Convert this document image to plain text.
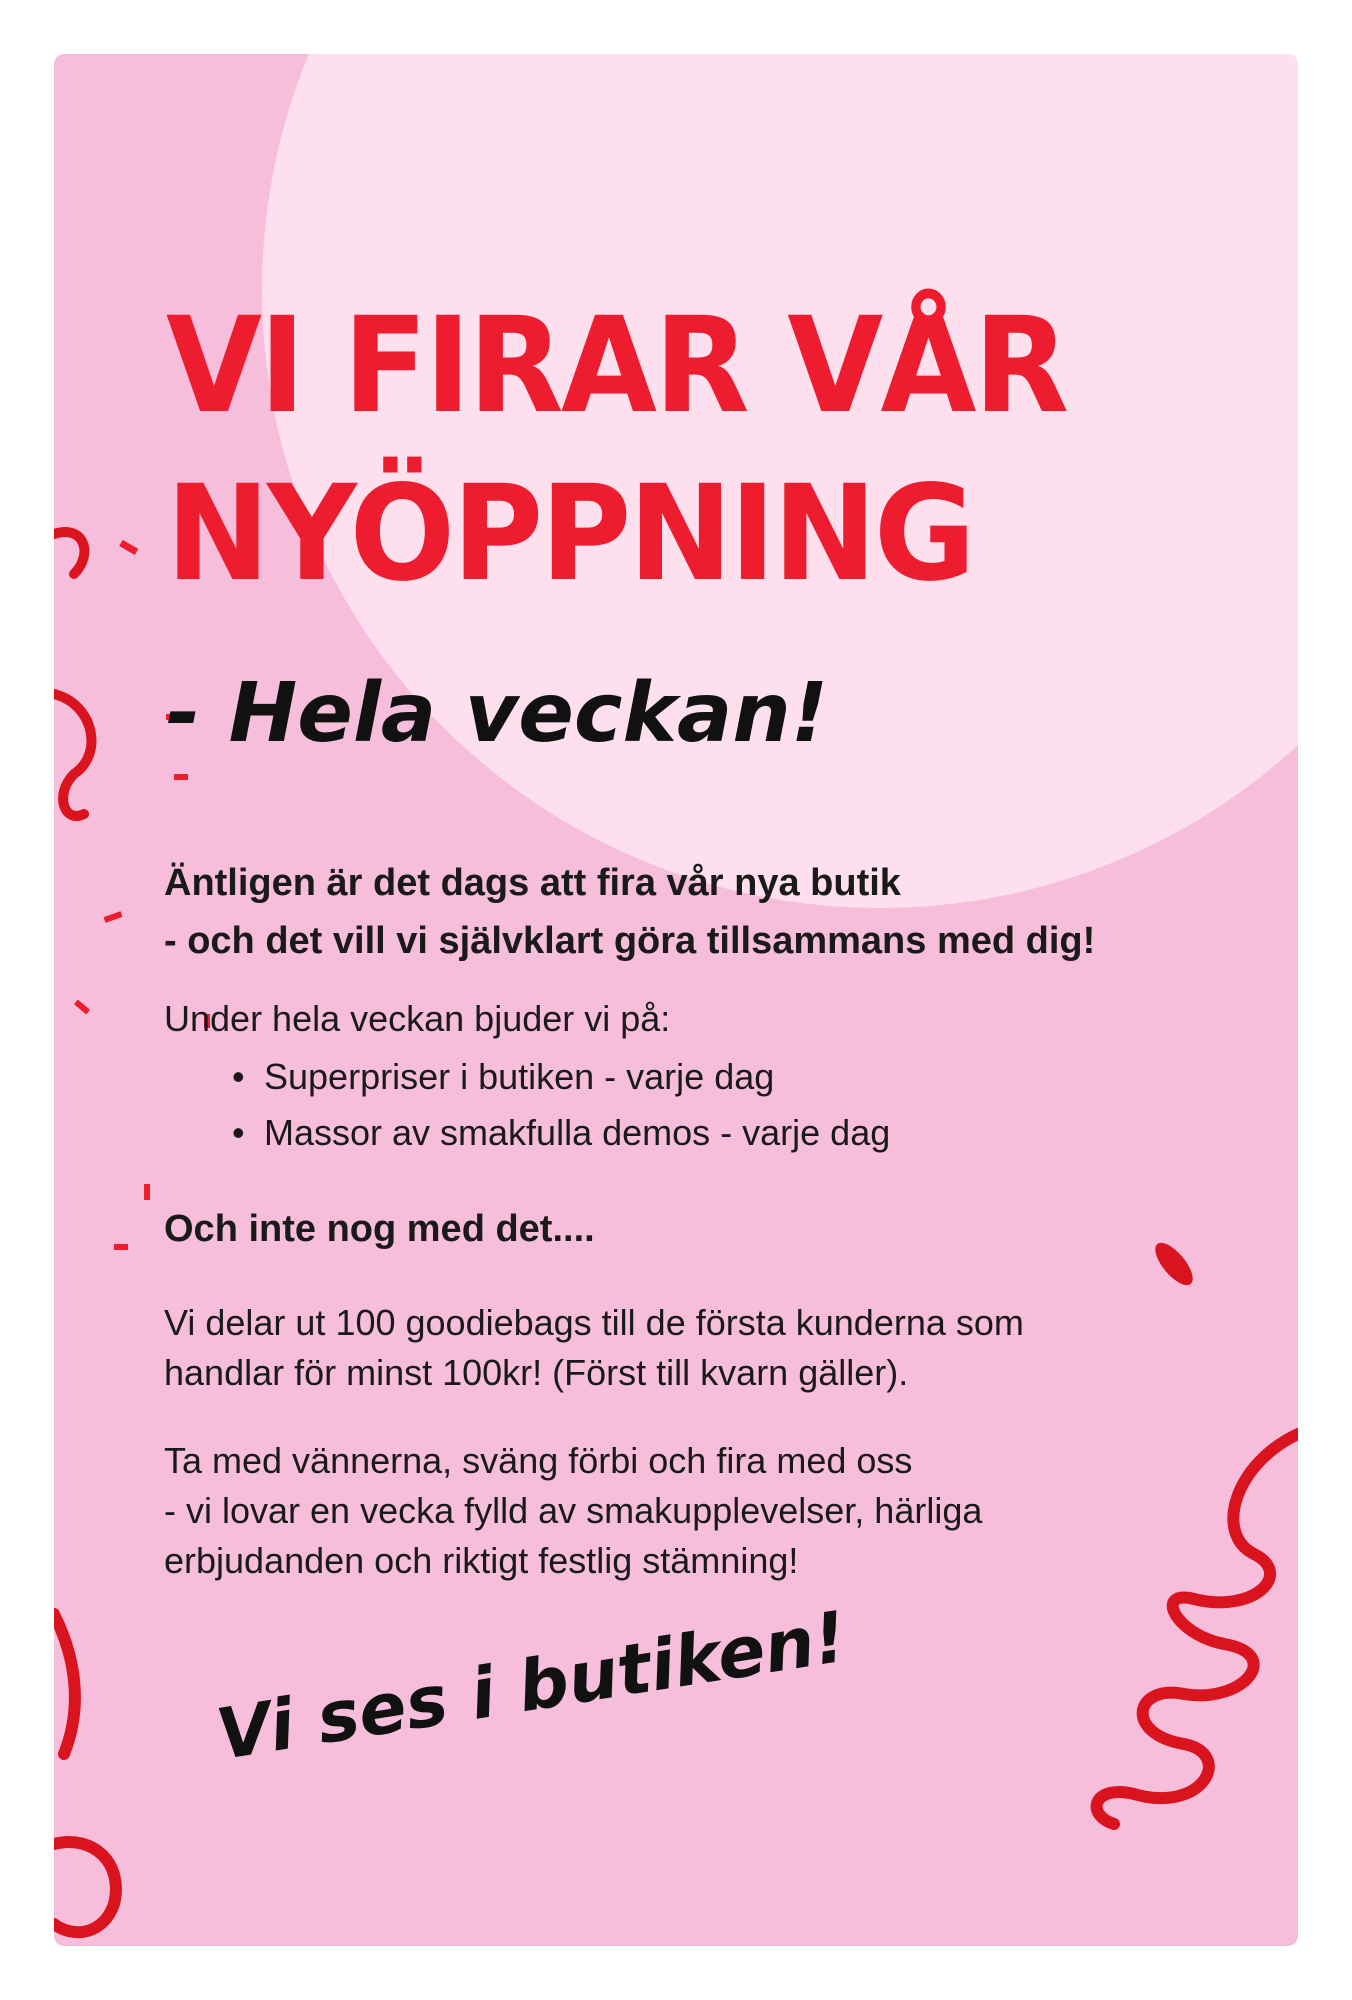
VI FIRAR VÅR
NYÖPPNING
- Hela veckan!
Äntligen är det dags att fira vår nya butik
- och det vill vi självklart göra tillsammans med dig!
Under hela veckan bjuder vi på:
• Superpriser i butiken - varje dag
• Massor av smakfulla demos - varje dag
Och inte nog med det....
Vi delar ut 100 goodiebags till de första kunderna som
handlar för minst 100kr! (Först till kvarn gäller).
Ta med vännerna, sväng förbi och fira med oss
- vi lovar en vecka fylld av smakupplevelser, härliga
erbjudanden och riktigt festlig stämning!
Vi ses i butiken!
